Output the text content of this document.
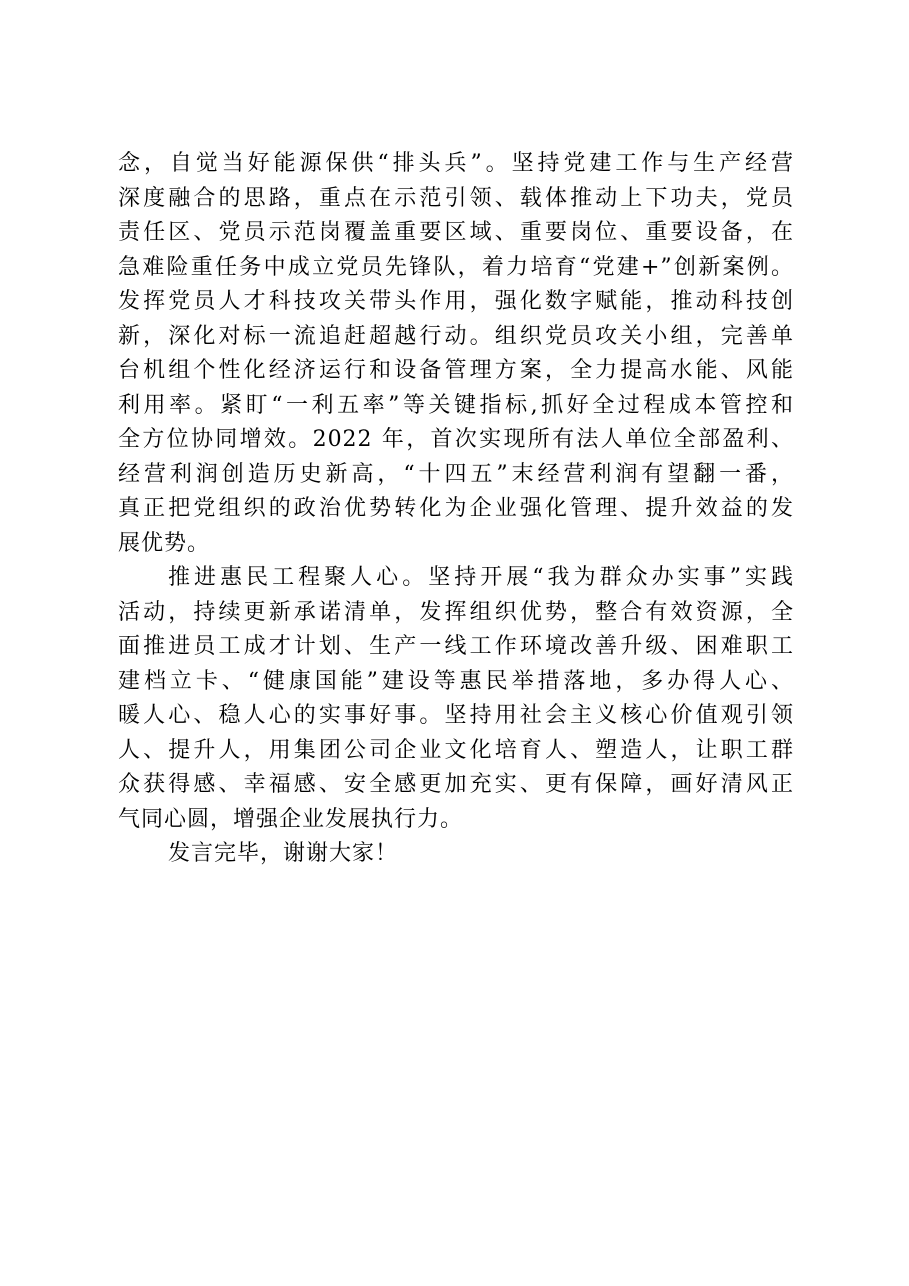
念，自觉当好能源保供“排头兵”。坚持党建工作与生产经营
深度融合的思路，重点在示范引领、载体推动上下功夫，党员
责任区、党员示范岗覆盖重要区域、重要岗位、重要设备，在
急难险重任务中成立党员先锋队，着力培育“党建+”创新案例。
发挥党员人才科技攻关带头作用，强化数字赋能，推动科技创
新，深化对标一流追赶超越行动。组织党员攻关小组，完善单
台机组个性化经济运行和设备管理方案，全力提高水能、风能
利用率。紧盯“一利五率”等关键指标,抓好全过程成本管控和
全方位协同增效。2022 年，首次实现所有法人单位全部盈利、
经营利润创造历史新高，“十四五”末经营利润有望翻一番，
真正把党组织的政治优势转化为企业强化管理、提升效益的发
展优势。
推进惠民工程聚人心。坚持开展“我为群众办实事”实践
活动，持续更新承诺清单，发挥组织优势，整合有效资源，全
面推进员工成才计划、生产一线工作环境改善升级、困难职工
建档立卡、“健康国能”建设等惠民举措落地，多办得人心、
暖人心、稳人心的实事好事。坚持用社会主义核心价值观引领
人、提升人，用集团公司企业文化培育人、塑造人，让职工群
众获得感、幸福感、安全感更加充实、更有保障，画好清风正
气同心圆，增强企业发展执行力。
发言完毕，谢谢大家！
